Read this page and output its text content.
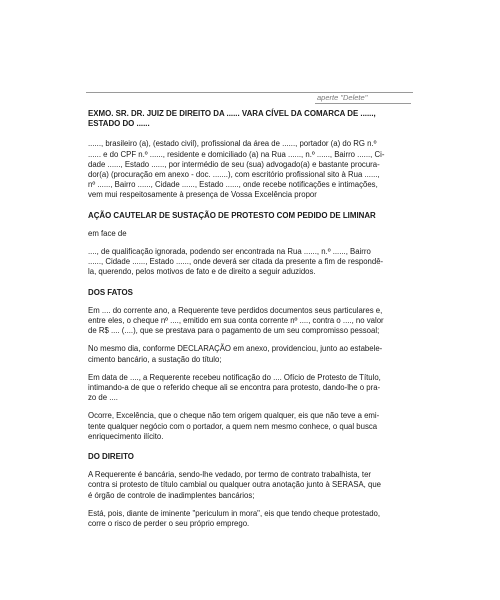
aperte "Delete"

EXMO. SR. DR. JUIZ DE DIREITO DA ...... VARA CÍVEL DA COMARCA DE ......,
ESTADO DO ......

......, brasileiro (a), (estado civil), profissional da área de ......, portador (a) do RG n.º
...... e do CPF n.º ......, residente e domiciliado (a) na Rua ......, n.º ......, Bairro ......, Ci-
dade ......, Estado ......, por intermédio de seu (sua) advogado(a) e bastante procura-
dor(a) (procuração em anexo - doc. .......), com escritório profissional sito à Rua ......,
nº ......, Bairro ......, Cidade ......, Estado ......, onde recebe notificações e intimações,
vem mui respeitosamente à presença de Vossa Excelência propor

AÇÃO CAUTELAR DE SUSTAÇÃO DE PROTESTO COM PEDIDO DE LIMINAR

em face de

...., de qualificação ignorada, podendo ser encontrada na Rua ......, n.º ......, Bairro
......, Cidade ......, Estado ......, onde deverá ser citada da presente a fim de respondê-
la, querendo, pelos motivos de fato e de direito a seguir aduzidos.

DOS FATOS

Em .... do corrente ano, a Requerente teve perdidos documentos seus particulares e,
entre eles, o cheque nº ...., emitido em sua conta corrente nº ...., contra o ...., no valor
de R$ .... (....), que se prestava para o pagamento de um seu compromisso pessoal;

No mesmo dia, conforme DECLARAÇÃO em anexo, providenciou, junto ao estabele-
cimento bancário, a sustação do título;

Em data de ...., a Requerente recebeu notificação do .... Ofício de Protesto de Título,
intimando-a de que o referido cheque ali se encontra para protesto, dando-lhe o pra-
zo de ....

Ocorre, Excelência, que o cheque não tem origem qualquer, eis que não teve a emi-
tente qualquer negócio com o portador, a quem nem mesmo conhece, o qual busca
enriquecimento ilícito.

DO DIREITO

A Requerente é bancária, sendo-lhe vedado, por termo de contrato trabalhista, ter
contra si protesto de título cambial ou qualquer outra anotação junto à SERASA, que
é órgão de controle de inadimplentes bancários;

Está, pois, diante de iminente "periculum in mora", eis que tendo cheque protestado,
corre o risco de perder o seu próprio emprego.
